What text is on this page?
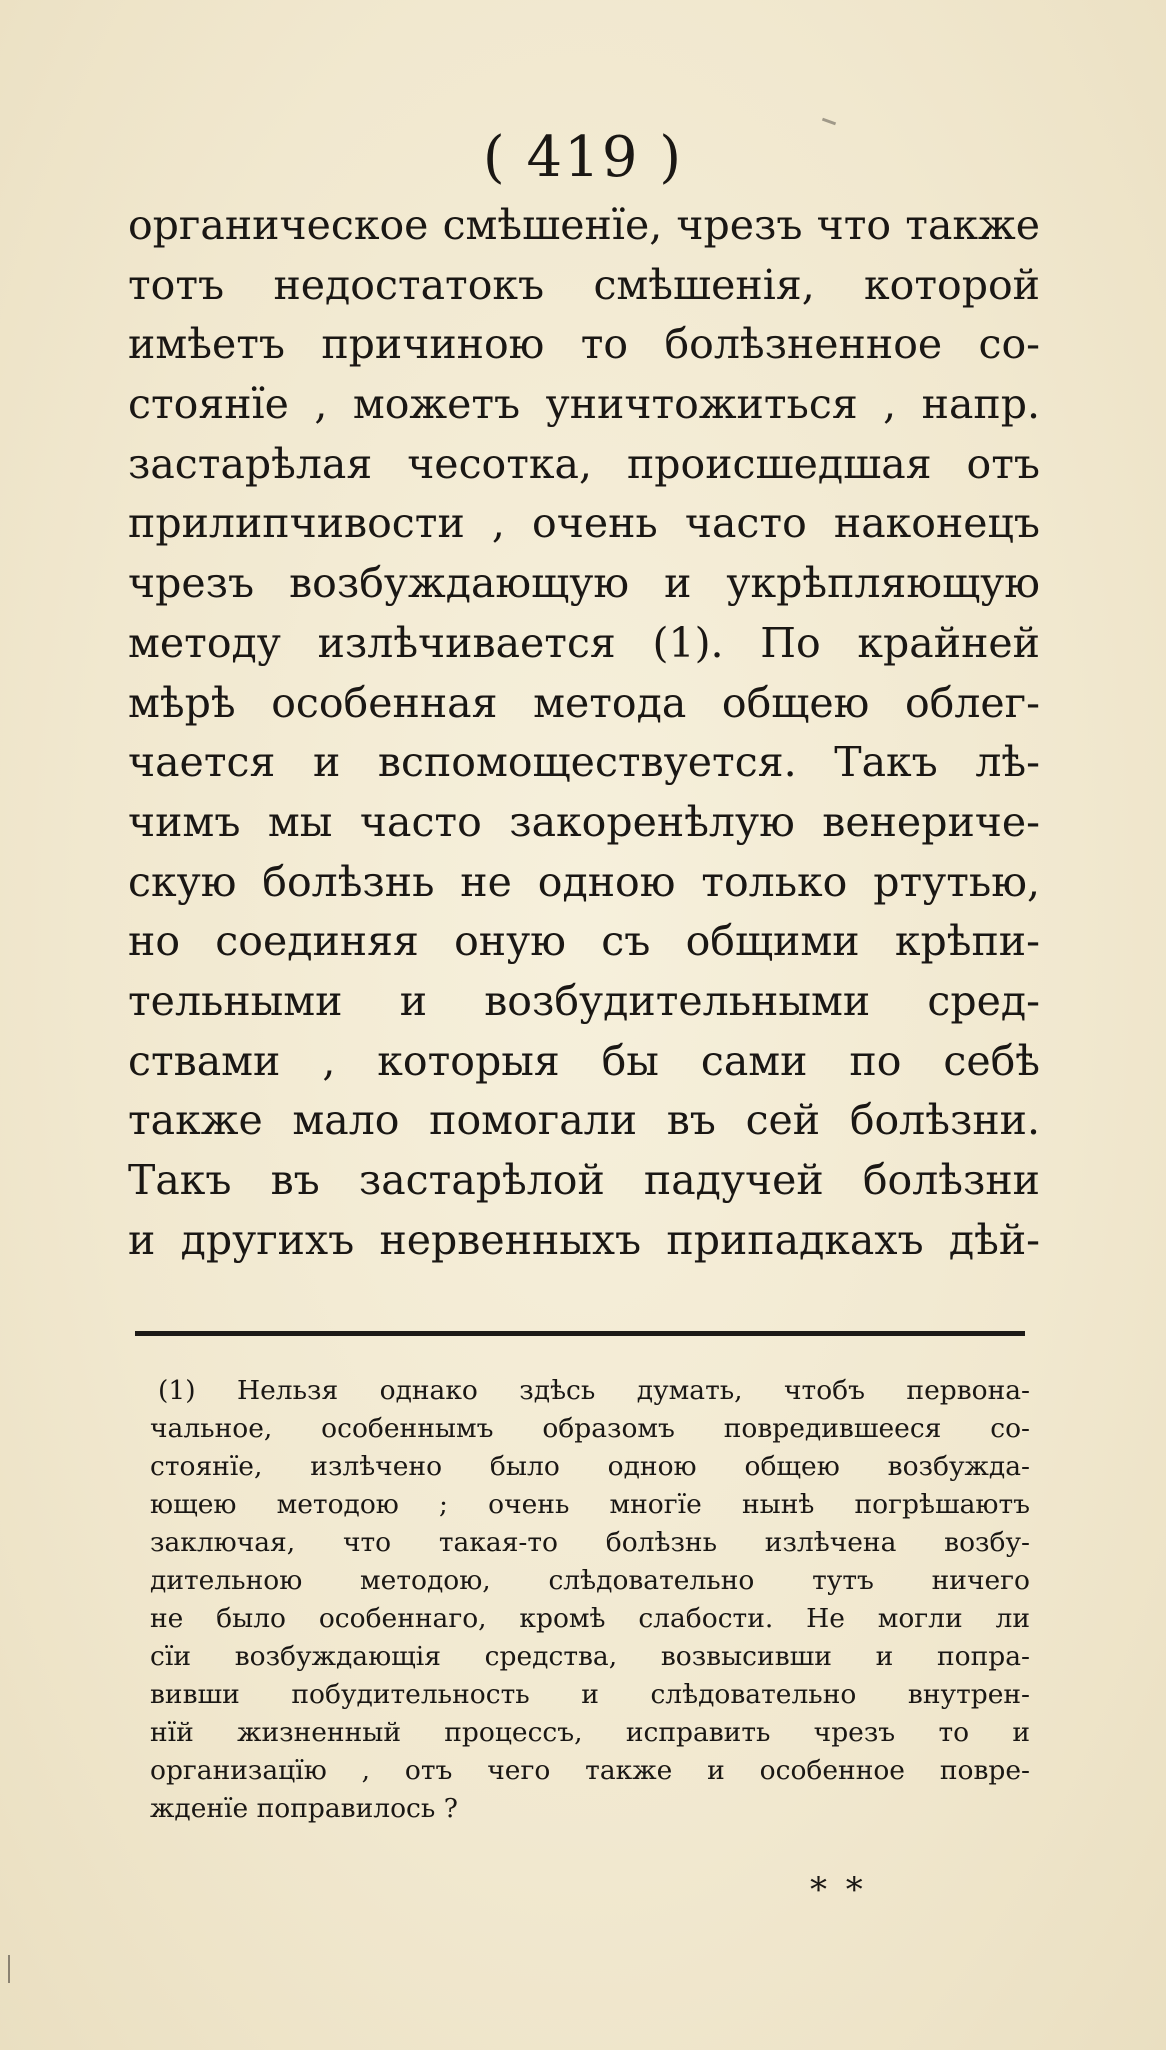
( 419 )
органическое смѣшенїе, чрезъ что также
тотъ недостатокъ смѣшенія, которой
имѣетъ причиною то болѣзненное со-
стоянїе , можетъ уничтожиться , напр.
застарѣлая чесотка, происшедшая отъ
прилипчивости , очень часто наконецъ
чрезъ возбуждающую и укрѣпляющую
методу излѣчивается (1). По крайней
мѣрѣ особенная метода общею облег-
чается и вспомоществуется. Такъ лѣ-
чимъ мы часто закоренѣлую венериче-
скую болѣзнь не одною только ртутью,
но соединяя оную съ общими крѣпи-
тельными и возбудительными сред-
ствами , которыя бы сами по себѣ
также мало помогали въ сей болѣзни.
Такъ въ застарѣлой падучей болѣзни
и другихъ нервенныхъ припадкахъ дѣй-
(1) Нельзя однако здѣсь думать, чтобъ первона-
чальное, особеннымъ образомъ повредившееся со-
стоянїе, излѣчено было одною общею возбужда-
ющею методою ; очень многїе нынѣ погрѣшаютъ
заключая, что такая-то болѣзнь излѣчена возбу-
дительною методою, слѣдовательно тутъ ничего
не было особеннаго, кромѣ слабости. Не могли ли
сїи возбуждающія средства, возвысивши и попра-
вивши побудительность и слѣдовательно внутрен-
нїй жизненный процессъ, исправить чрезъ то и
организацїю , отъ чего также и особенное повре-
жденїе поправилось ?
* *
